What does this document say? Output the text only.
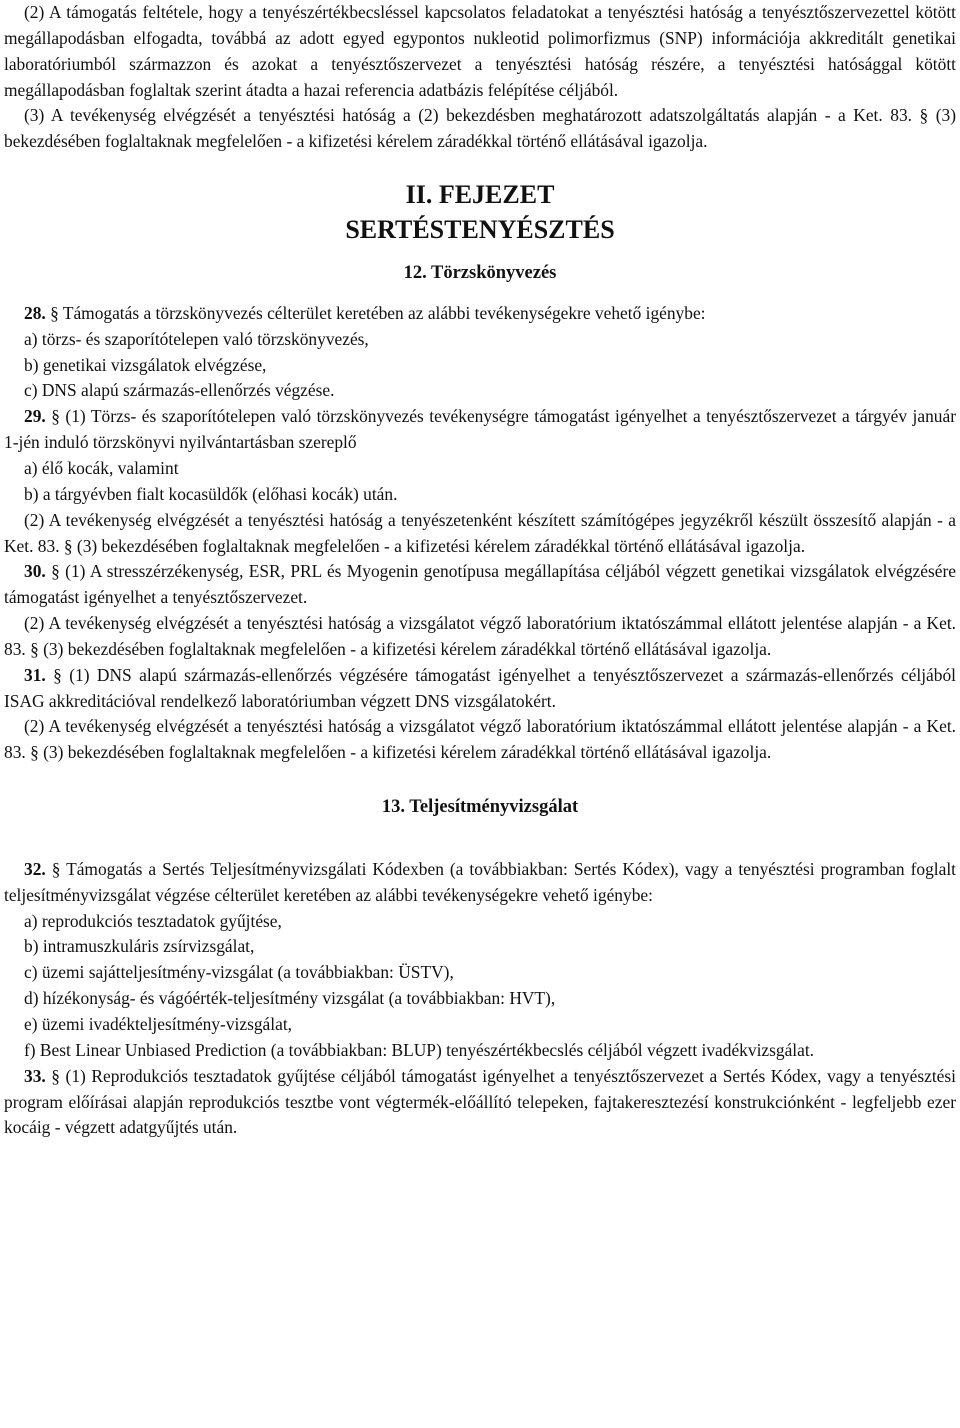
(2) A támogatás feltétele, hogy a tenyészértékbecsléssel kapcsolatos feladatokat a tenyésztési hatóság a tenyésztőszervezettel kötött megállapodásban elfogadta, továbbá az adott egyed egypontos nukleotid polimorfizmus (SNP) információja akkreditált genetikai laboratóriumból származzon és azokat a tenyésztőszervezet a tenyésztési hatóság részére, a tenyésztési hatósággal kötött megállapodásban foglaltak szerint átadta a hazai referencia adatbázis felépítése céljából.

(3) A tevékenység elvégzését a tenyésztési hatóság a (2) bekezdésben meghatározott adatszolgáltatás alapján - a Ket. 83. § (3) bekezdésében foglaltaknak megfelelően - a kifizetési kérelem záradékkal történő ellátásával igazolja.

II. FEJEZET
SERTÉSTENYÉSZTÉS
12. Törzskönyvezés

28. § Támogatás a törzskönyvezés célterület keretében az alábbi tevékenységekre vehető igénybe:

a) törzs- és szaporítótelepen való törzskönyvezés,

b) genetikai vizsgálatok elvégzése,

c) DNS alapú származás-ellenőrzés végzése.

29. § (1) Törzs- és szaporítótelepen való törzskönyvezés tevékenységre támogatást igényelhet a tenyésztőszervezet a tárgyév január 1-jén induló törzskönyvi nyilvántartásban szereplő

a) élő kocák, valamint

b) a tárgyévben fialt kocasüldők (előhasi kocák) után.

(2) A tevékenység elvégzését a tenyésztési hatóság a tenyészetenként készített számítógépes jegyzékről készült összesítő alapján - a Ket. 83. § (3) bekezdésében foglaltaknak megfelelően - a kifizetési kérelem záradékkal történő ellátásával igazolja.

30. § (1) A stresszérzékenység, ESR, PRL és Myogenin genotípusa megállapítása céljából végzett genetikai vizsgálatok elvégzésére támogatást igényelhet a tenyésztőszervezet.

(2) A tevékenység elvégzését a tenyésztési hatóság a vizsgálatot végző laboratórium iktatószámmal ellátott jelentése alapján - a Ket. 83. § (3) bekezdésében foglaltaknak megfelelően - a kifizetési kérelem záradékkal történő ellátásával igazolja.

31. § (1) DNS alapú származás-ellenőrzés végzésére támogatást igényelhet a tenyésztőszervezet a származás-ellenőrzés céljából ISAG akkreditációval rendelkező laboratóriumban végzett DNS vizsgálatokért.

(2) A tevékenység elvégzését a tenyésztési hatóság a vizsgálatot végző laboratórium iktatószámmal ellátott jelentése alapján - a Ket. 83. § (3) bekezdésében foglaltaknak megfelelően - a kifizetési kérelem záradékkal történő ellátásával igazolja.

13. Teljesítményvizsgálat

32. § Támogatás a Sertés Teljesítményvizsgálati Kódexben (a továbbiakban: Sertés Kódex), vagy a tenyésztési programban foglalt teljesítményvizsgálat végzése célterület keretében az alábbi tevékenységekre vehető igénybe:

a) reprodukciós tesztadatok gyűjtése,

b) intramuszkuláris zsírvizsgálat,

c) üzemi sajátteljesítmény-vizsgálat (a továbbiakban: ÜSTV),

d) hízékonyság- és vágóérték-teljesítmény vizsgálat (a továbbiakban: HVT),

e) üzemi ivadékteljesítmény-vizsgálat,

f) Best Linear Unbiased Prediction (a továbbiakban: BLUP) tenyészértékbecslés céljából végzett ivadékvizsgálat.

33. § (1) Reprodukciós tesztadatok gyűjtése céljából támogatást igényelhet a tenyésztőszervezet a Sertés Kódex, vagy a tenyésztési program előírásai alapján reprodukciós tesztbe vont végtermék-előállító telepeken, fajtakeresztezésí konstrukciónként - legfeljebb ezer kocáig - végzett adatgyűjtés után.
